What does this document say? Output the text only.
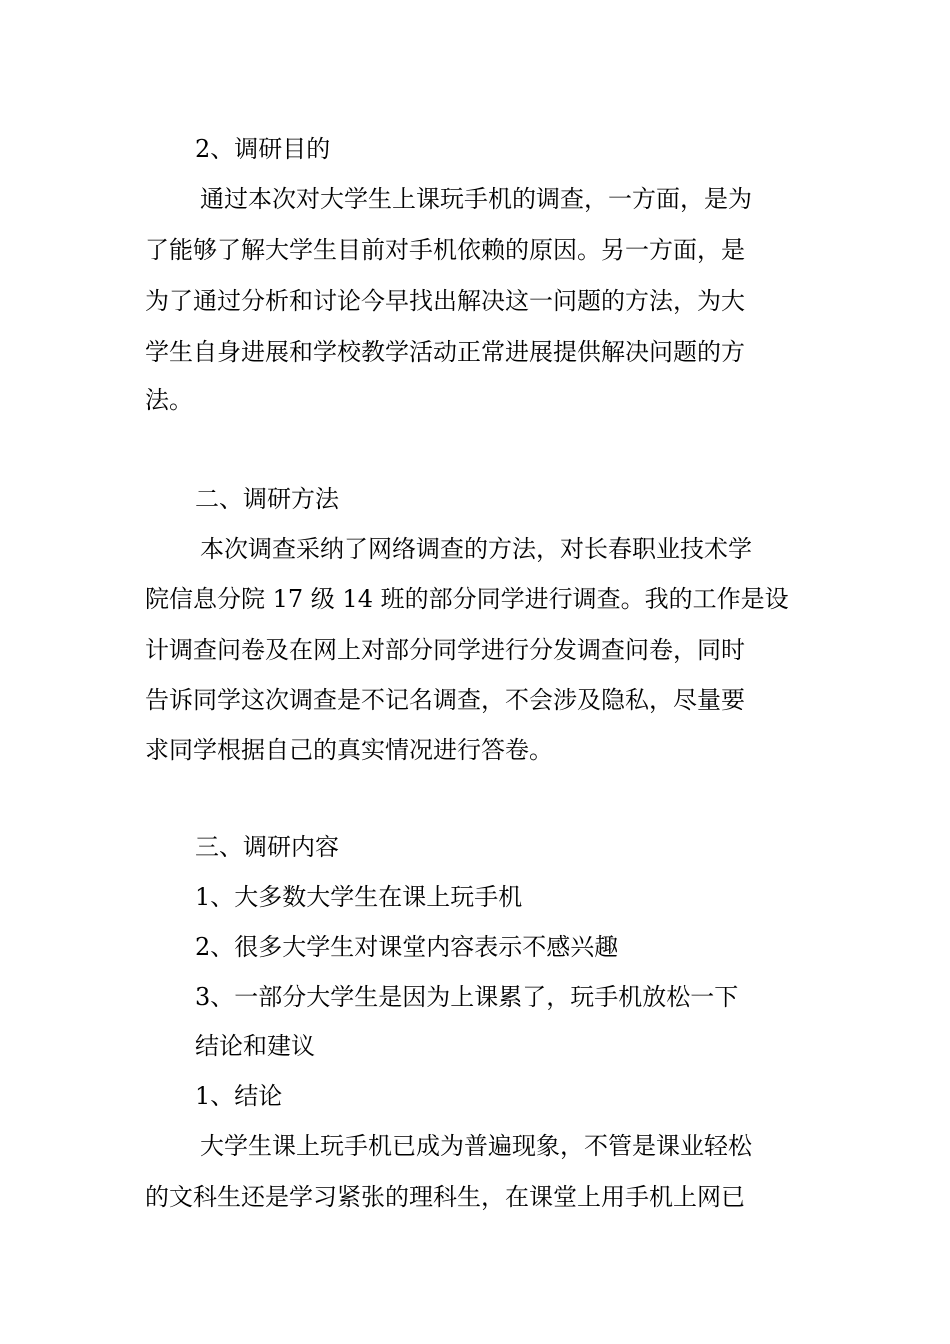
2、调研目的
通过本次对大学生上课玩手机的调查，一方面，是为
了能够了解大学生目前对手机依赖的原因。另一方面，是
为了通过分析和讨论今早找出解决这一问题的方法，为大
学生自身进展和学校教学活动正常进展提供解决问题的方
法。
二、调研方法
本次调查采纳了网络调查的方法，对长春职业技术学
院信息分院 17 级 14 班的部分同学进行调查。我的工作是设
计调查问卷及在网上对部分同学进行分发调查问卷，同时
告诉同学这次调查是不记名调查，不会涉及隐私，尽量要
求同学根据自己的真实情况进行答卷。
三、调研内容
1、大多数大学生在课上玩手机
2、很多大学生对课堂内容表示不感兴趣
3、一部分大学生是因为上课累了，玩手机放松一下
结论和建议
1、结论
大学生课上玩手机已成为普遍现象，不管是课业轻松
的文科生还是学习紧张的理科生，在课堂上用手机上网已
